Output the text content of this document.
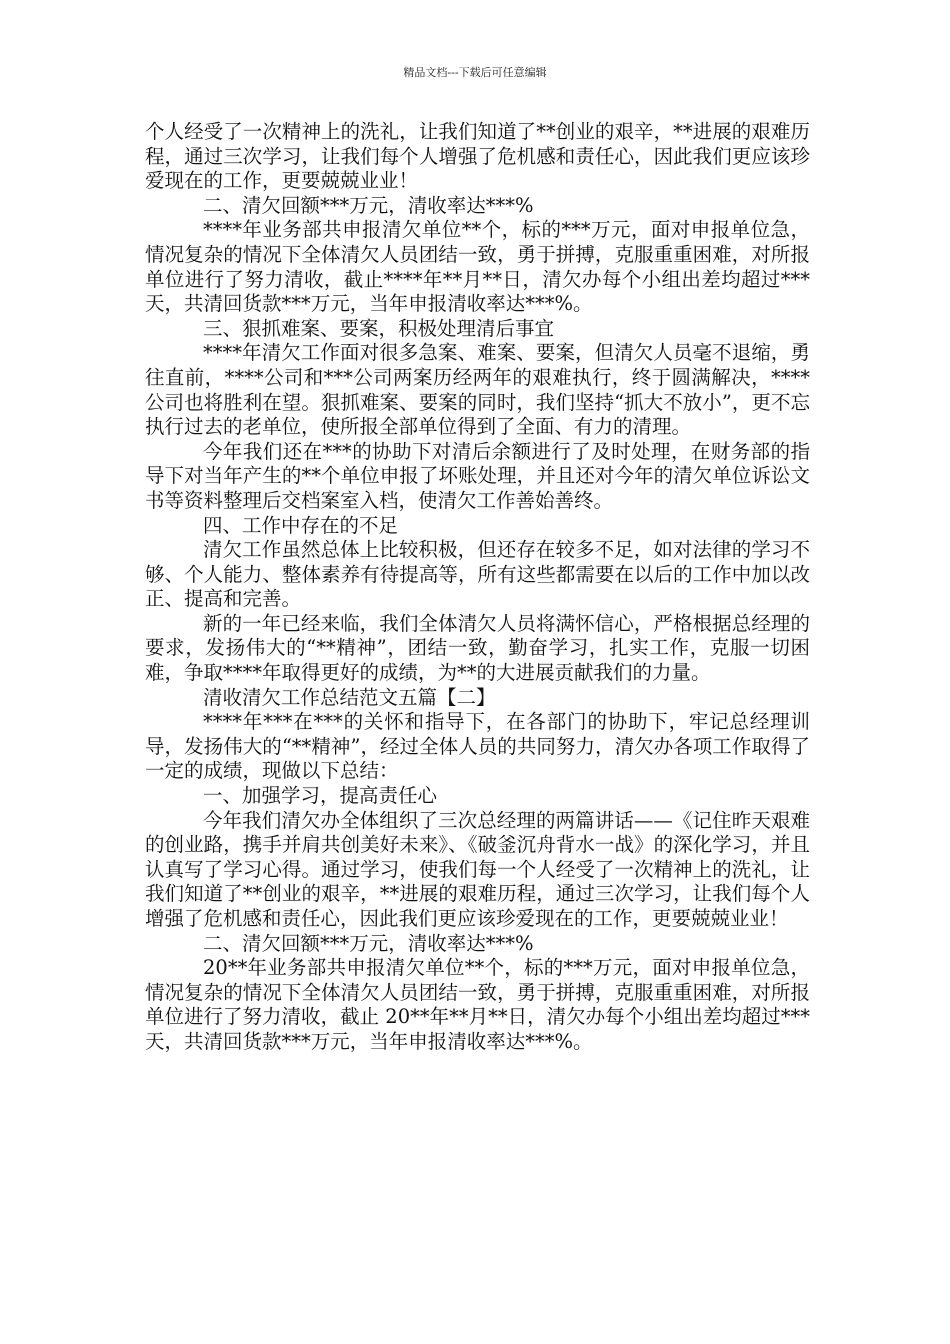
精品文档---下载后可任意编辑

个人经受了一次精神上的洗礼，让我们知道了**创业的艰辛，**进展的艰难历程，通过三次学习，让我们每个人增强了危机感和责任心，因此我们更应该珍爱现在的工作，更要兢兢业业！

二、清欠回额***万元，清收率达***%

****年业务部共申报清欠单位**个，标的***万元，面对申报单位急，情况复杂的情况下全体清欠人员团结一致，勇于拼搏，克服重重困难，对所报单位进行了努力清收，截止****年**月**日，清欠办每个小组出差均超过***天，共清回货款***万元，当年申报清收率达***%。

三、狠抓难案、要案，积极处理清后事宜

****年清欠工作面对很多急案、难案、要案，但清欠人员毫不退缩，勇往直前，****公司和***公司两案历经两年的艰难执行，终于圆满解决，****公司也将胜利在望。狠抓难案、要案的同时，我们坚持“抓大不放小”，更不忘执行过去的老单位，使所报全部单位得到了全面、有力的清理。

今年我们还在***的协助下对清后余额进行了及时处理，在财务部的指导下对当年产生的**个单位申报了坏账处理，并且还对今年的清欠单位诉讼文书等资料整理后交档案室入档，使清欠工作善始善终。

四、工作中存在的不足

清欠工作虽然总体上比较积极，但还存在较多不足，如对法律的学习不够、个人能力、整体素养有待提高等，所有这些都需要在以后的工作中加以改正、提高和完善。

新的一年已经来临，我们全体清欠人员将满怀信心，严格根据总经理的要求，发扬伟大的“**精神”，团结一致，勤奋学习，扎实工作，克服一切困难，争取****年取得更好的成绩，为**的大进展贡献我们的力量。

清收清欠工作总结范文五篇【二】

****年***在***的关怀和指导下，在各部门的协助下，牢记总经理训导，发扬伟大的“**精神”，经过全体人员的共同努力，清欠办各项工作取得了一定的成绩，现做以下总结：

一、加强学习，提高责任心

今年我们清欠办全体组织了三次总经理的两篇讲话——《记住昨天艰难的创业路，携手并肩共创美好未来》、《破釜沉舟背水一战》的深化学习，并且认真写了学习心得。通过学习，使我们每一个人经受了一次精神上的洗礼，让我们知道了**创业的艰辛，**进展的艰难历程，通过三次学习，让我们每个人增强了危机感和责任心，因此我们更应该珍爱现在的工作，更要兢兢业业！

二、清欠回额***万元，清收率达***%

20**年业务部共申报清欠单位**个，标的***万元，面对申报单位急，情况复杂的情况下全体清欠人员团结一致，勇于拼搏，克服重重困难，对所报单位进行了努力清收，截止 20**年**月**日，清欠办每个小组出差均超过***天，共清回货款***万元，当年申报清收率达***%。
